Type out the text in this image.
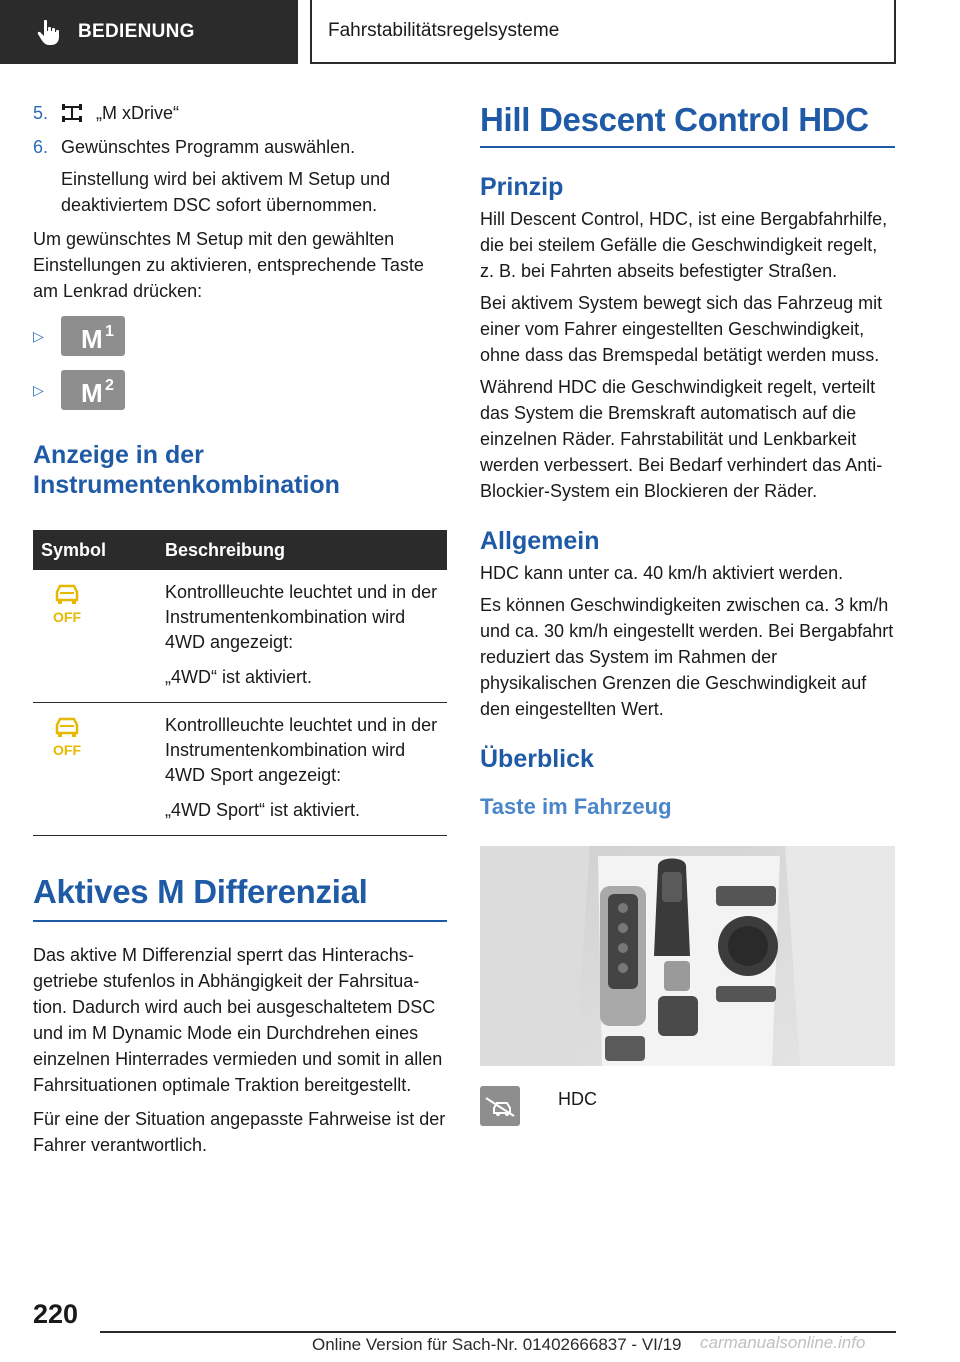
BEDIENUNG	Fahrstabilitätsregelsysteme
5.	„M xDrive“
6. Gewünschtes Programm auswählen.

Einstellung wird bei aktivem M Setup und deaktiviertem DSC sofort übernommen.

Um gewünschtes M Setup mit den gewählten Einstellungen zu aktivieren, entsprechende Taste am Lenkrad drücken:

▷	M 1
▷	M 2
Anzeige in der Instrumentenkombination
Symbol	Beschreibung

OFF	Kontrollleuchte leuchtet und in der Instrumentenkombination wird 4WD angezeigt:
„4WD“ ist aktiviert.

OFF	Kontrollleuchte leuchtet und in der Instrumentenkombination wird 4WD Sport angezeigt:
„4WD Sport“ ist aktiviert.
Aktives M Differenzial

Das aktive M Differenzial sperrt das Hinterachsgetriebe stufenlos in Abhängigkeit der Fahrsituation. Dadurch wird auch bei ausgeschaltetem DSC und im M Dynamic Mode ein Durchdrehen eines einzelnen Hinterrades vermieden und somit in allen Fahrsituationen optimale Traktion bereitgestellt.

Für eine der Situation angepasste Fahrweise ist der Fahrer verantwortlich.

Hill Descent Control HDC
Prinzip

Hill Descent Control, HDC, ist eine Bergabfahrhilfe, die bei steilem Gefälle die Geschwindigkeit regelt, z. B. bei Fahrten abseits befestigter Straßen.

Bei aktivem System bewegt sich das Fahrzeug mit einer vom Fahrer eingestellten Geschwindigkeit, ohne dass das Bremspedal betätigt werden muss.

Während HDC die Geschwindigkeit regelt, verteilt das System die Bremskraft automatisch auf die einzelnen Räder. Fahrstabilität und Lenkbarkeit werden verbessert. Bei Bedarf verhindert das Anti-Blockier-System ein Blockieren der Räder.

Allgemein

HDC kann unter ca. 40 km/h aktiviert werden.

Es können Geschwindigkeiten zwischen ca. 3 km/h und ca. 30 km/h eingestellt werden. Bei Bergabfahrt reduziert das System im Rahmen der physikalischen Grenzen die Geschwindigkeit auf den eingestellten Wert.

Überblick
Taste im Fahrzeug
HDC
220
Online Version für Sach-Nr. 01402666837 - VI/19 carmanualsonline.info
